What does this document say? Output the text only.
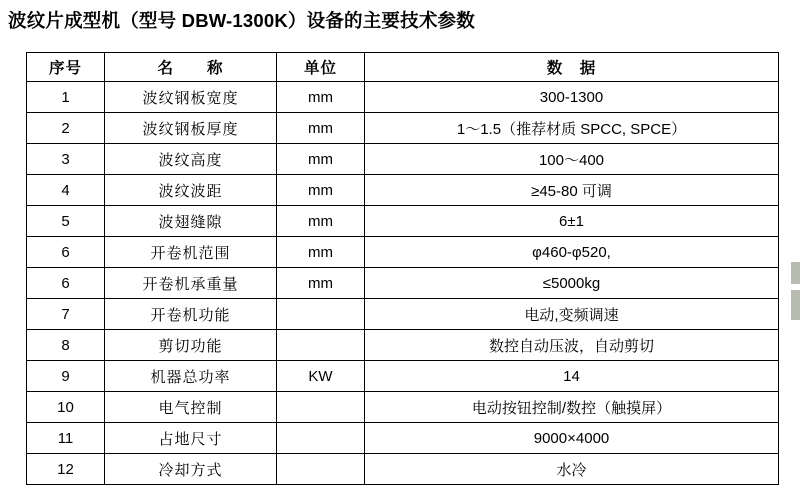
波纹片成型机（型号 DBW-1300K）设备的主要技术参数
序号	名　　称	单位	数　据
1	波纹钢板宽度	mm	300-1300
2	波纹钢板厚度	mm	1～1.5（推荐材质 SPCC, SPCE）
3	波纹高度	mm	100～400
4	波纹波距	mm	≥45-80 可调
5	波翅缝隙	mm	6±1
6	开卷机范围	mm	φ460-φ520,
6	开卷机承重量	mm	≤5000kg
7	开卷机功能		电动,变频调速
8	剪切功能		数控自动压波，自动剪切
9	机器总功率	KW	14
10	电气控制		电动按钮控制/数控（触摸屏）
11	占地尺寸		9000×4000
12	冷却方式		水冷
